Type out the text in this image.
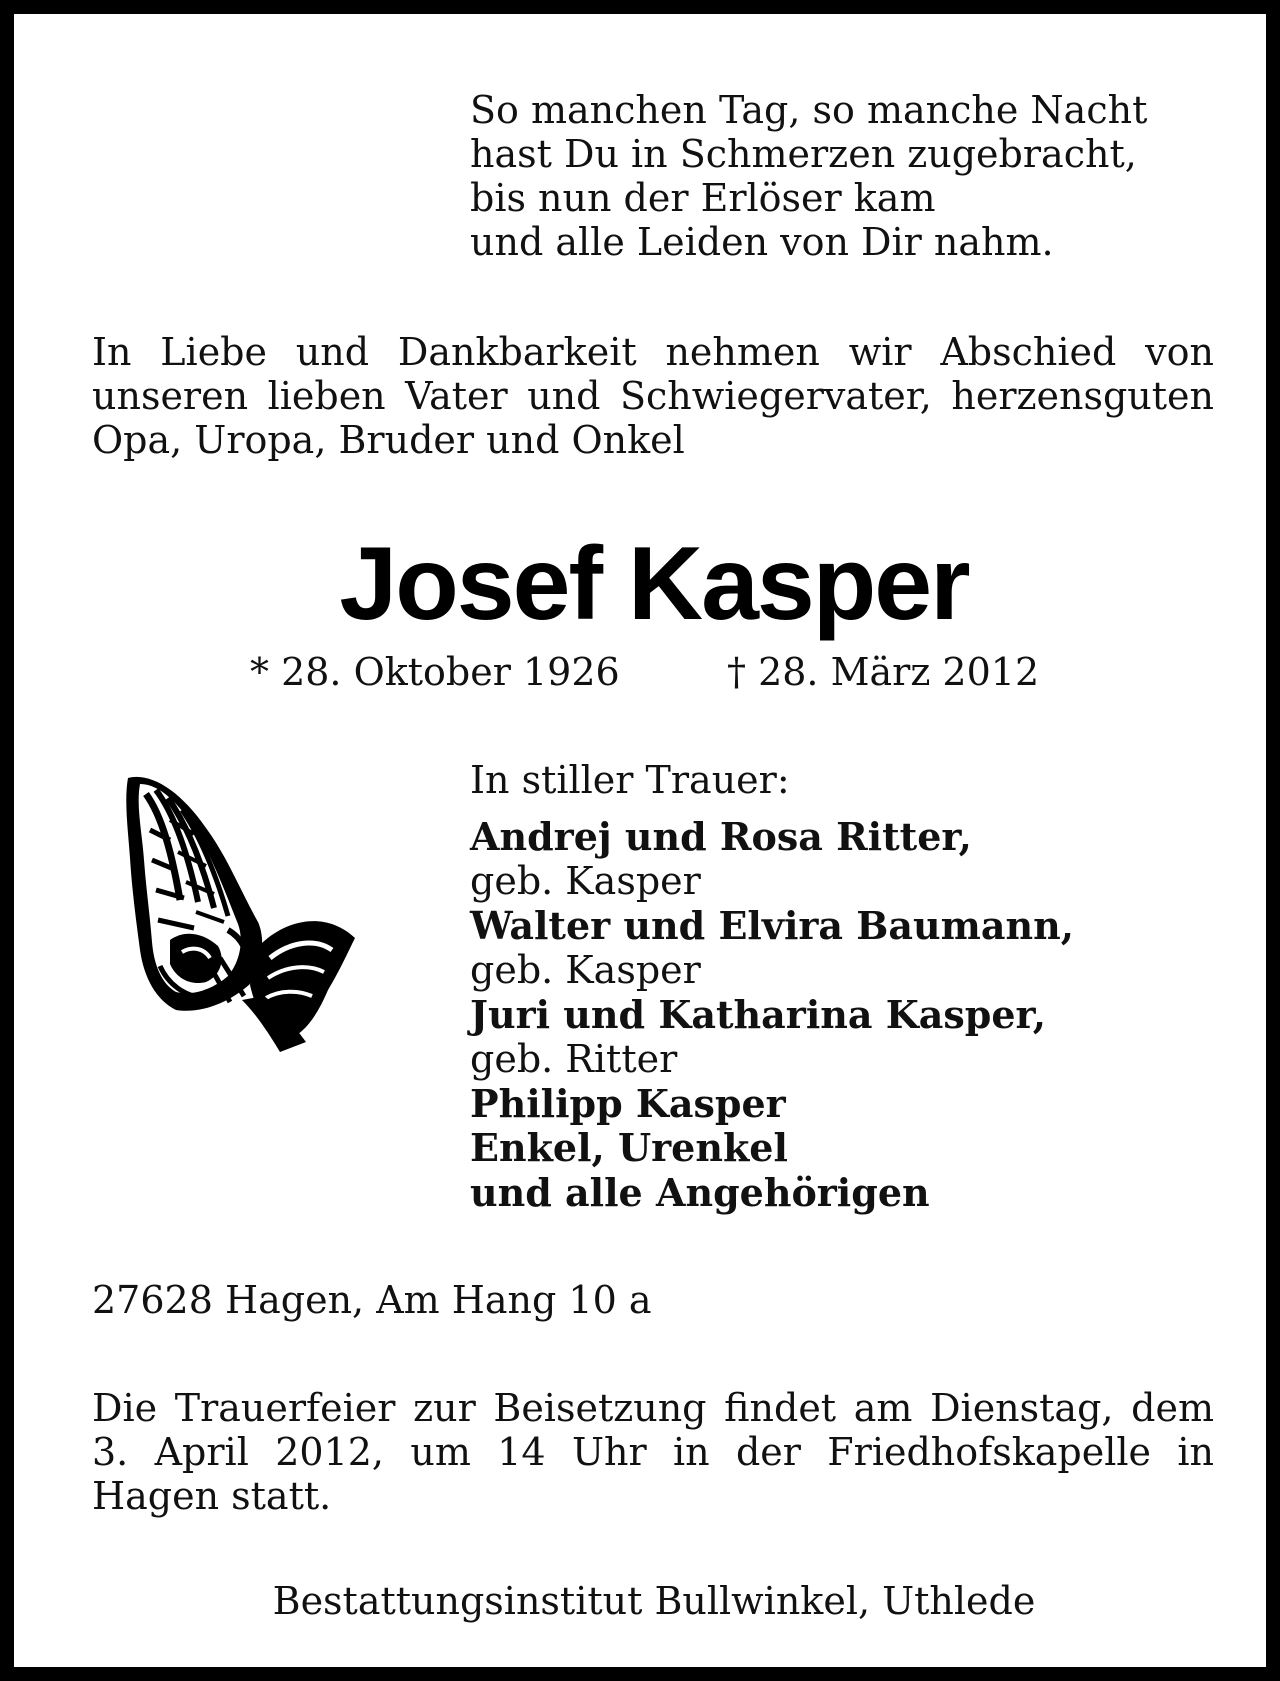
So manchen Tag, so manche Nacht
hast Du in Schmerzen zugebracht,
bis nun der Erlöser kam
und alle Leiden von Dir nahm.

In Liebe und Dankbarkeit nehmen wir Abschied von unseren lieben Vater und Schwiegervater, herzensguten Opa, Uropa, Bruder und Onkel

Josef Kasper
* 28. Oktober 1926	† 28. März 2012
In stiller Trauer:
Andrej und Rosa Ritter,
geb. Kasper
Walter und Elvira Baumann,
geb. Kasper
Juri und Katharina Kasper,
geb. Ritter
Philipp Kasper
Enkel, Urenkel
und alle Angehörigen

27628 Hagen, Am Hang 10 a

Die Trauerfeier zur Beisetzung findet am Dienstag, dem 3. April 2012, um 14 Uhr in der Friedhofskapelle in Hagen statt.

Bestattungsinstitut Bullwinkel, Uthlede
